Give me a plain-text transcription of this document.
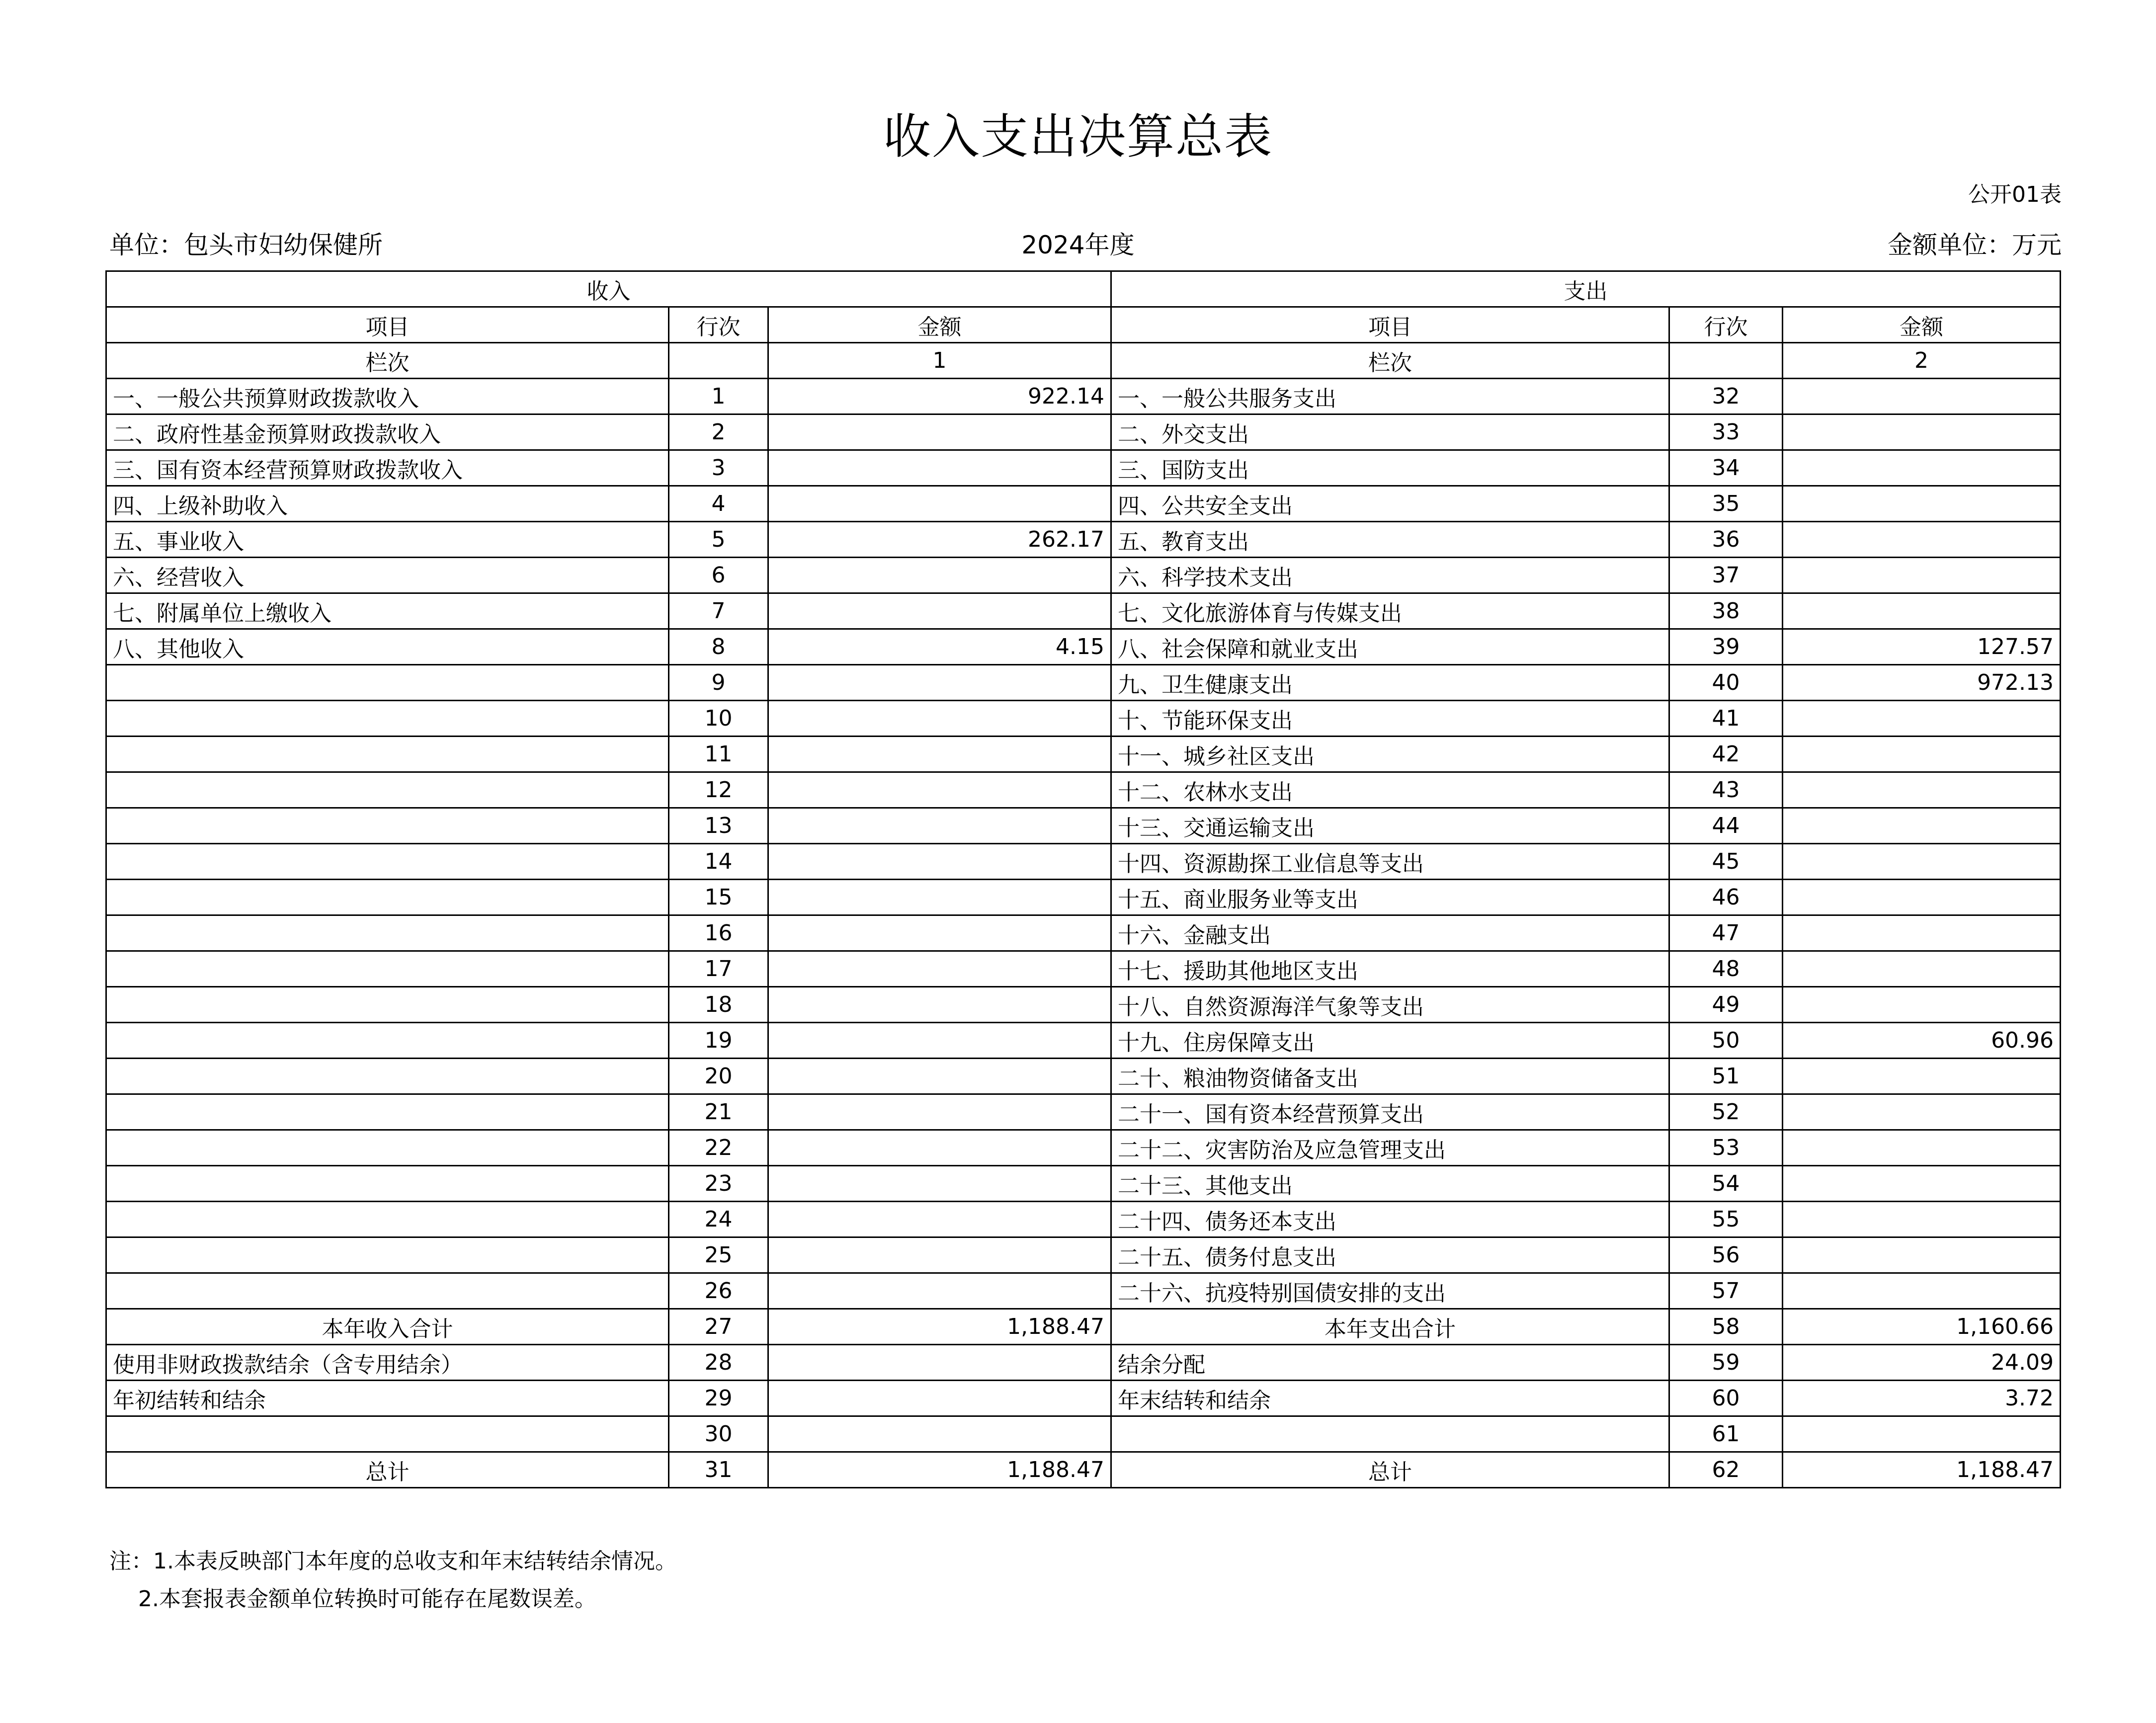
收入支出决算总表
公开01表
单位：包头市妇幼保健所	2024年度	金额单位：万元
收入			支出		
项目	行次	金额	项目	行次	金额
栏次		1	栏次		2
一、一般公共预算财政拨款收入	1	922.14	一、一般公共服务支出	32	
二、政府性基金预算财政拨款收入	2		二、外交支出	33	
三、国有资本经营预算财政拨款收入	3		三、国防支出	34	
四、上级补助收入	4		四、公共安全支出	35	
五、事业收入	5	262.17	五、教育支出	36	
六、经营收入	6		六、科学技术支出	37	
七、附属单位上缴收入	7		七、文化旅游体育与传媒支出	38	
八、其他收入	8	4.15	八、社会保障和就业支出	39	127.57
	9		九、卫生健康支出	40	972.13
	10		十、节能环保支出	41	
	11		十一、城乡社区支出	42	
	12		十二、农林水支出	43	
	13		十三、交通运输支出	44	
	14		十四、资源勘探工业信息等支出	45	
	15		十五、商业服务业等支出	46	
	16		十六、金融支出	47	
	17		十七、援助其他地区支出	48	
	18		十八、自然资源海洋气象等支出	49	
	19		十九、住房保障支出	50	60.96
	20		二十、粮油物资储备支出	51	
	21		二十一、国有资本经营预算支出	52	
	22		二十二、灾害防治及应急管理支出	53	
	23		二十三、其他支出	54	
	24		二十四、债务还本支出	55	
	25		二十五、债务付息支出	56	
	26		二十六、抗疫特别国债安排的支出	57	
本年收入合计	27	1,188.47	本年支出合计	58	1,160.66
使用非财政拨款结余（含专用结余）	28		结余分配	59	24.09
年初结转和结余	29		年末结转和结余	60	3.72
	30			61	
总计	31	1,188.47	总计	62	1,188.47
注：1.本表反映部门本年度的总收支和年末结转结余情况。
2.本套报表金额单位转换时可能存在尾数误差。
